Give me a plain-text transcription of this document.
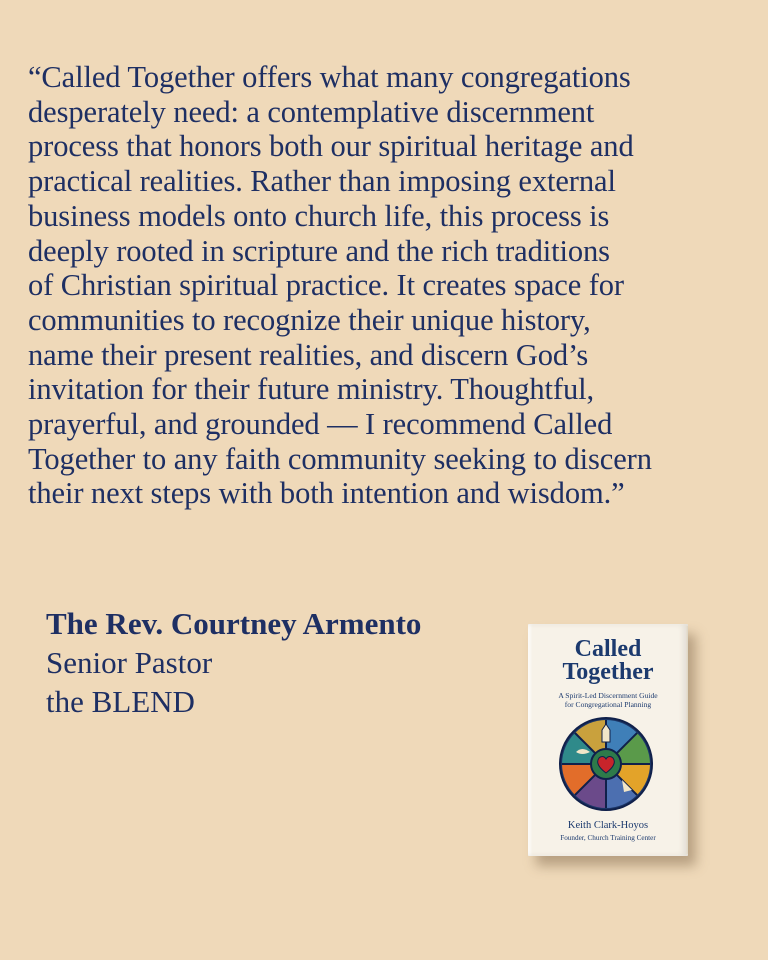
“Called Together offers what many congregations
desperately need: a contemplative discernment
process that honors both our spiritual heritage and
practical realities. Rather than imposing external
business models onto church life, this process is
deeply rooted in scripture and the rich traditions
of Christian spiritual practice. It creates space for
communities to recognize their unique history,
name their present realities, and discern God’s
invitation for their future ministry. Thoughtful,
prayerful, and grounded — I recommend Called
Together to any faith community seeking to discern
their next steps with both intention and wisdom.”

The Rev. Courtney Armento
Senior Pastor
the BLEND
Called
Together
A Spirit-Led Discernment Guide
for Congregational Planning
Keith Clark-Hoyos
Founder, Church Training Center
